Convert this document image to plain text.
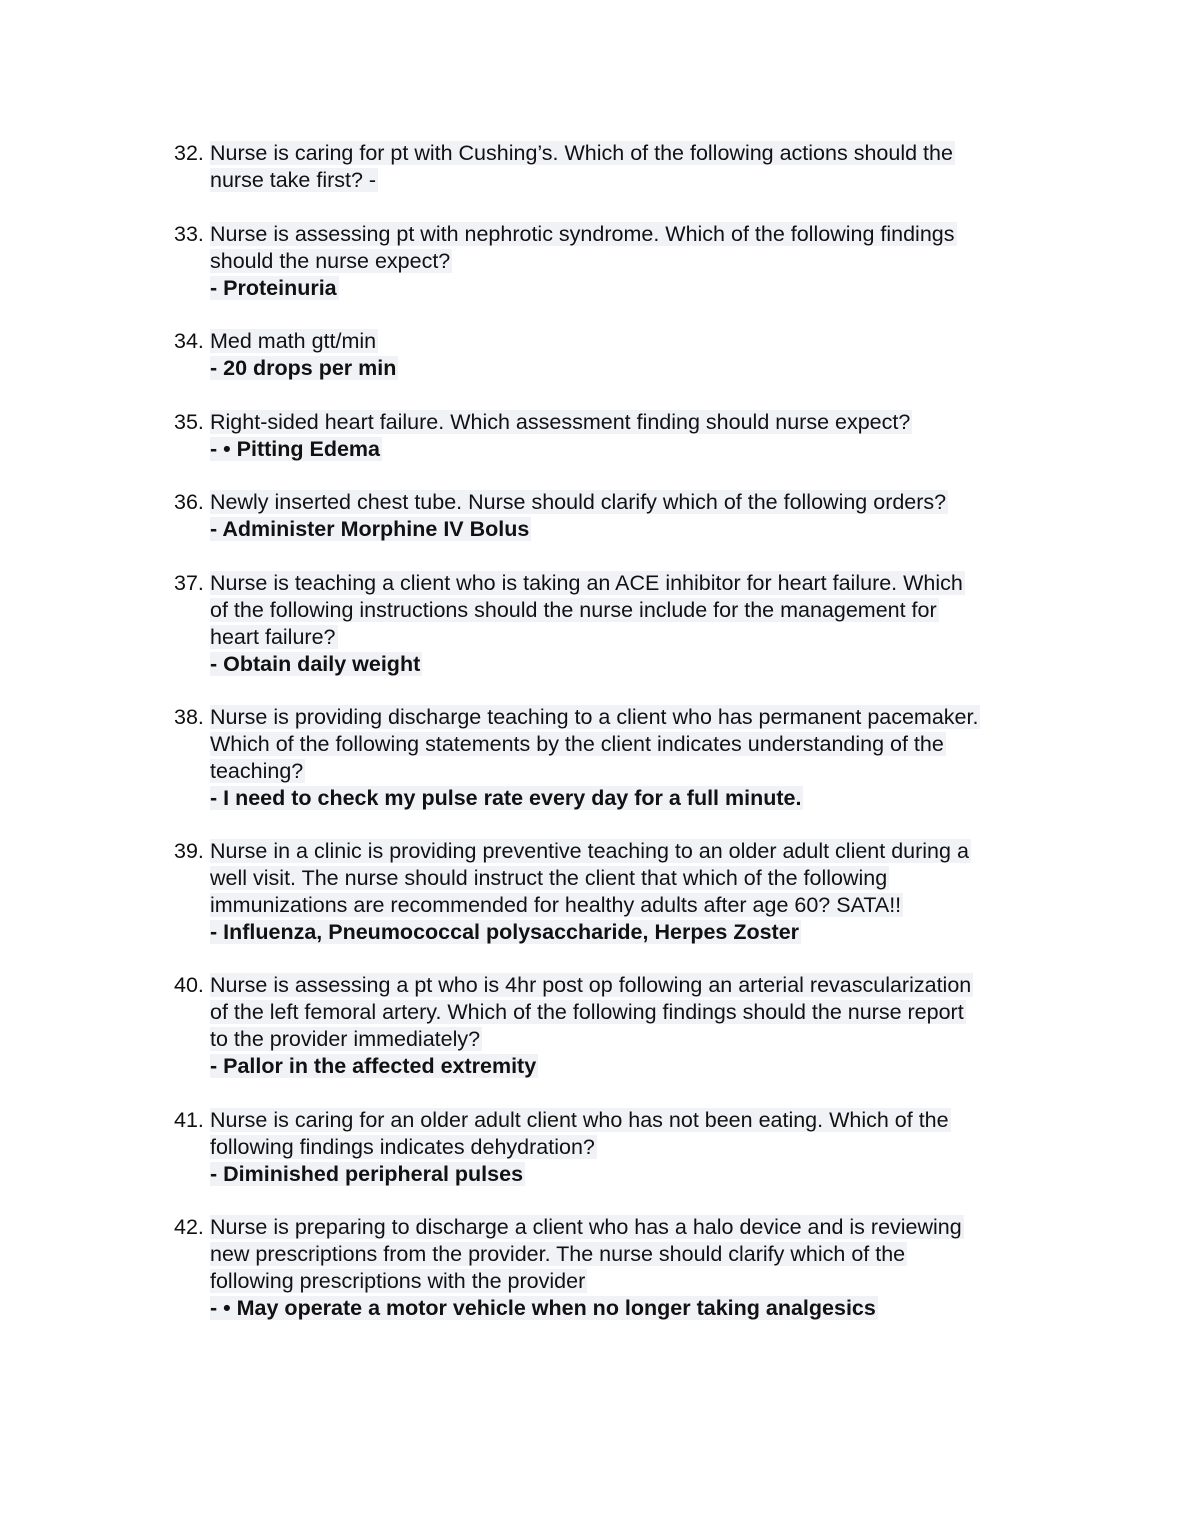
32. Nurse is caring for pt with Cushing’s. Which of the following actions should the
nurse take first? -
33. Nurse is assessing pt with nephrotic syndrome. Which of the following findings
should the nurse expect?
- Proteinuria
34. Med math gtt/min
- 20 drops per min
35. Right-sided heart failure. Which assessment finding should nurse expect?
- • Pitting Edema
36. Newly inserted chest tube. Nurse should clarify which of the following orders?
- Administer Morphine IV Bolus
37. Nurse is teaching a client who is taking an ACE inhibitor for heart failure. Which
of the following instructions should the nurse include for the management for
heart failure?
- Obtain daily weight
38. Nurse is providing discharge teaching to a client who has permanent pacemaker.
Which of the following statements by the client indicates understanding of the
teaching?
- I need to check my pulse rate every day for a full minute.
39. Nurse in a clinic is providing preventive teaching to an older adult client during a
well visit. The nurse should instruct the client that which of the following
immunizations are recommended for healthy adults after age 60? SATA!!
- Influenza, Pneumococcal polysaccharide, Herpes Zoster
40. Nurse is assessing a pt who is 4hr post op following an arterial revascularization
of the left femoral artery. Which of the following findings should the nurse report
to the provider immediately?
- Pallor in the affected extremity
41. Nurse is caring for an older adult client who has not been eating. Which of the
following findings indicates dehydration?
- Diminished peripheral pulses
42. Nurse is preparing to discharge a client who has a halo device and is reviewing
new prescriptions from the provider. The nurse should clarify which of the
following prescriptions with the provider
- • May operate a motor vehicle when no longer taking analgesics
